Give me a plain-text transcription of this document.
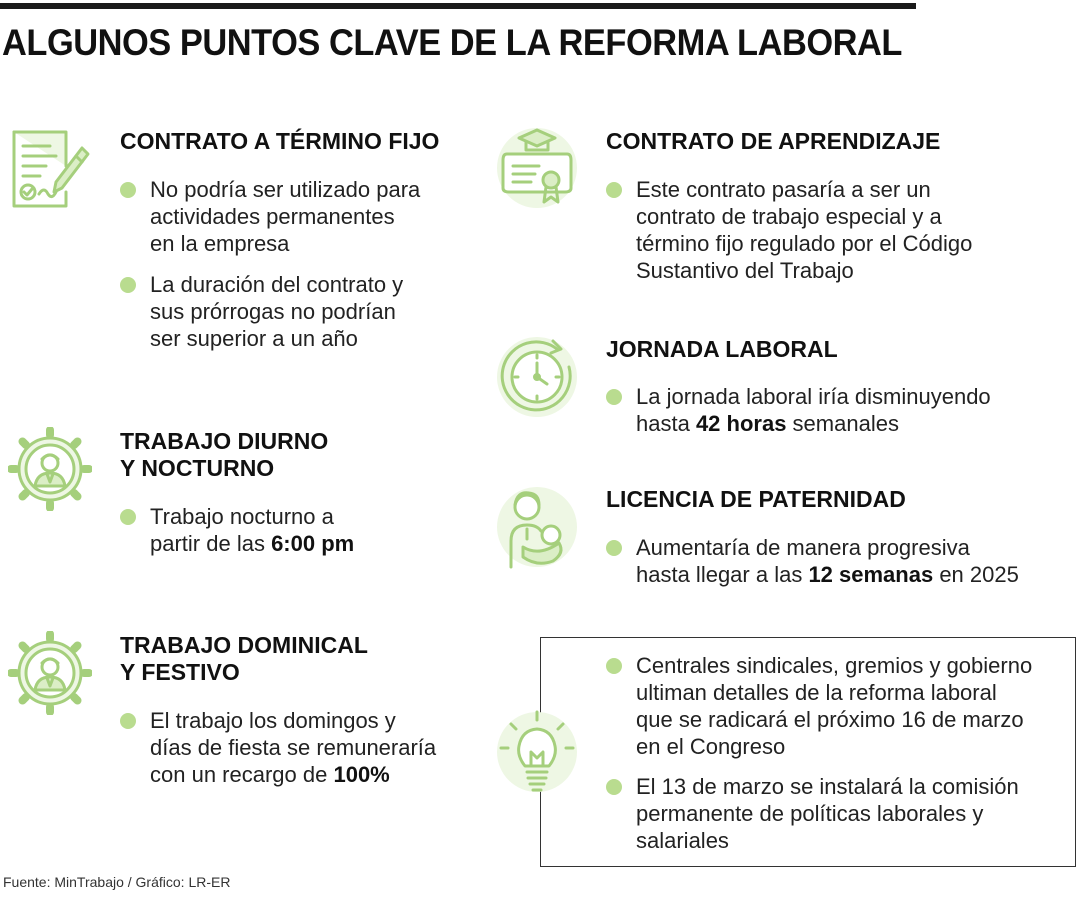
ALGUNOS PUNTOS CLAVE DE LA REFORMA LABORAL
CONTRATO A TÉRMINO FIJO
No podría ser utilizado para
actividades permanentes
en la empresa
La duración del contrato y
sus prórrogas no podrían
ser superior a un año
TRABAJO DIURNO
Y NOCTURNO
Trabajo nocturno a
partir de las 6:00 pm
TRABAJO DOMINICAL
Y FESTIVO
El trabajo los domingos y
días de fiesta se remuneraría
con un recargo de 100%
CONTRATO DE APRENDIZAJE
Este contrato pasaría a ser un
contrato de trabajo especial y a
término fijo regulado por el Código
Sustantivo del Trabajo
JORNADA LABORAL
La jornada laboral iría disminuyendo
hasta 42 horas semanales
LICENCIA DE PATERNIDAD
Aumentaría de manera progresiva
hasta llegar a las 12 semanas en 2025
Centrales sindicales, gremios y gobierno
ultiman detalles de la reforma laboral
que se radicará el próximo 16 de marzo
en el Congreso
El 13 de marzo se instalará la comisión
permanente de políticas laborales y
salariales
Fuente: MinTrabajo / Gráfico: LR-ER
